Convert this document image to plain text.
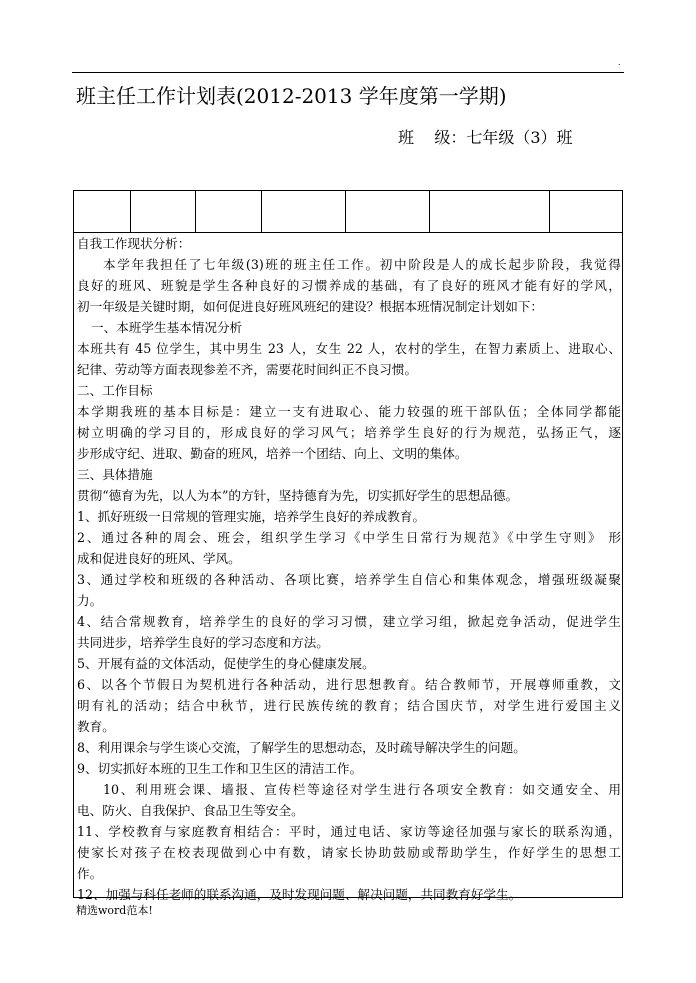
.
班主任工作计划表(2012-2013 学年度第一学期)
班    级：七年级（3）班
自我工作现状分析：
本学年我担任了七年级(3)班的班主任工作。初中阶段是人的成长起步阶段，我觉得
良好的班风、班貌是学生各种良好的习惯养成的基础，有了良好的班风才能有好的学风，
初一年级是关键时期，如何促进良好班风班纪的建设？根据本班情况制定计划如下：
一、本班学生基本情况分析
本班共有 45 位学生，其中男生 23 人，女生 22 人，农村的学生，在智力素质上、进取心、
纪律、劳动等方面表现参差不齐，需要花时间纠正不良习惯。
二、工作目标
本学期我班的基本目标是：建立一支有进取心、能力较强的班干部队伍；全体同学都能
树立明确的学习目的，形成良好的学习风气；培养学生良好的行为规范，弘扬正气，逐
步形成守纪、进取、勤奋的班风，培养一个团结、向上、文明的集体。
三、具体措施
贯彻“德育为先，以人为本”的方针，坚持德育为先，切实抓好学生的思想品德。
1、抓好班级一日常规的管理实施，培养学生良好的养成教育。
2、通过各种的周会、班会，组织学生学习《中学生日常行为规范》《中学生守则》 形
成和促进良好的班风、学风。
3、通过学校和班级的各种活动、各项比赛，培养学生自信心和集体观念，增强班级凝聚
力。
4、结合常规教育，培养学生的良好的学习习惯，建立学习组，掀起竞争活动，促进学生
共同进步，培养学生良好的学习态度和方法。
5、开展有益的文体活动，促使学生的身心健康发展。
6、以各个节假日为契机进行各种活动，进行思想教育。结合教师节，开展尊师重教，文
明有礼的活动；结合中秋节，进行民族传统的教育；结合国庆节，对学生进行爱国主义
教育。
8、利用课余与学生谈心交流，了解学生的思想动态，及时疏导解决学生的问题。
9、切实抓好本班的卫生工作和卫生区的清洁工作。
10、利用班会课、墙报、宣传栏等途径对学生进行各项安全教育：如交通安全、用
电、防火、自我保护、食品卫生等安全。
11、学校教育与家庭教育相结合：平时，通过电话、家访等途径加强与家长的联系沟通，
使家长对孩子在校表现做到心中有数，请家长协助鼓励或帮助学生，作好学生的思想工
作。
12、加强与科任老师的联系沟通，及时发现问题、解决问题，共同教育好学生。
精选word范本!
